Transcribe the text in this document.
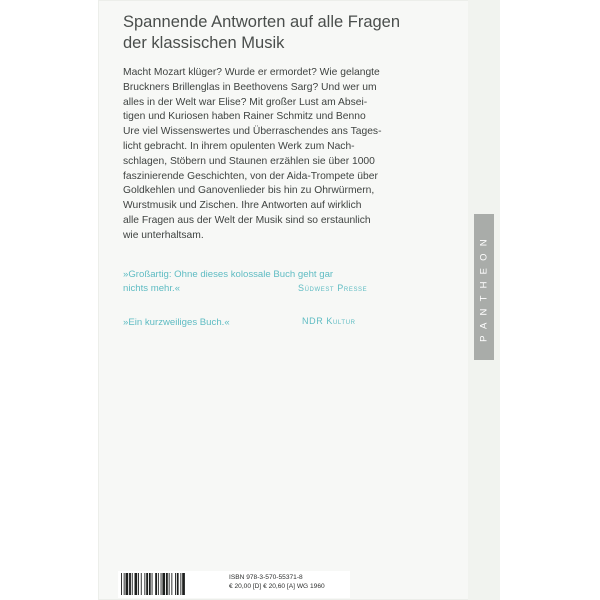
Spannende Antworten auf alle Fragen
der klassischen Musik
Macht Mozart klüger? Wurde er ermordet? Wie gelangte
Bruckners Brillenglas in Beethovens Sarg? Und wer um
alles in der Welt war Elise? Mit großer Lust am Absei-
tigen und Kuriosen haben Rainer Schmitz und Benno
Ure viel Wissenswertes und Überraschendes ans Tages-
licht gebracht. In ihrem opulenten Werk zum Nach-
schlagen, Stöbern und Staunen erzählen sie über 1000
faszinierende Geschichten, von der Aida-Trompete über
Goldkehlen und Ganovenlieder bis hin zu Ohrwürmern,
Wurstmusik und Zischen. Ihre Antworten auf wirklich
alle Fragen aus der Welt der Musik sind so erstaunlich
wie unterhaltsam.
»Großartig: Ohne dieses kolossale Buch geht gar
nichts mehr.«	Südwest Presse
»Ein kurzweiliges Buch.«	NDR Kultur	PANTHEON
ISBN 978-3-570-55371-8
€ 20,00 [D] € 20,60 [A] WG 1960
